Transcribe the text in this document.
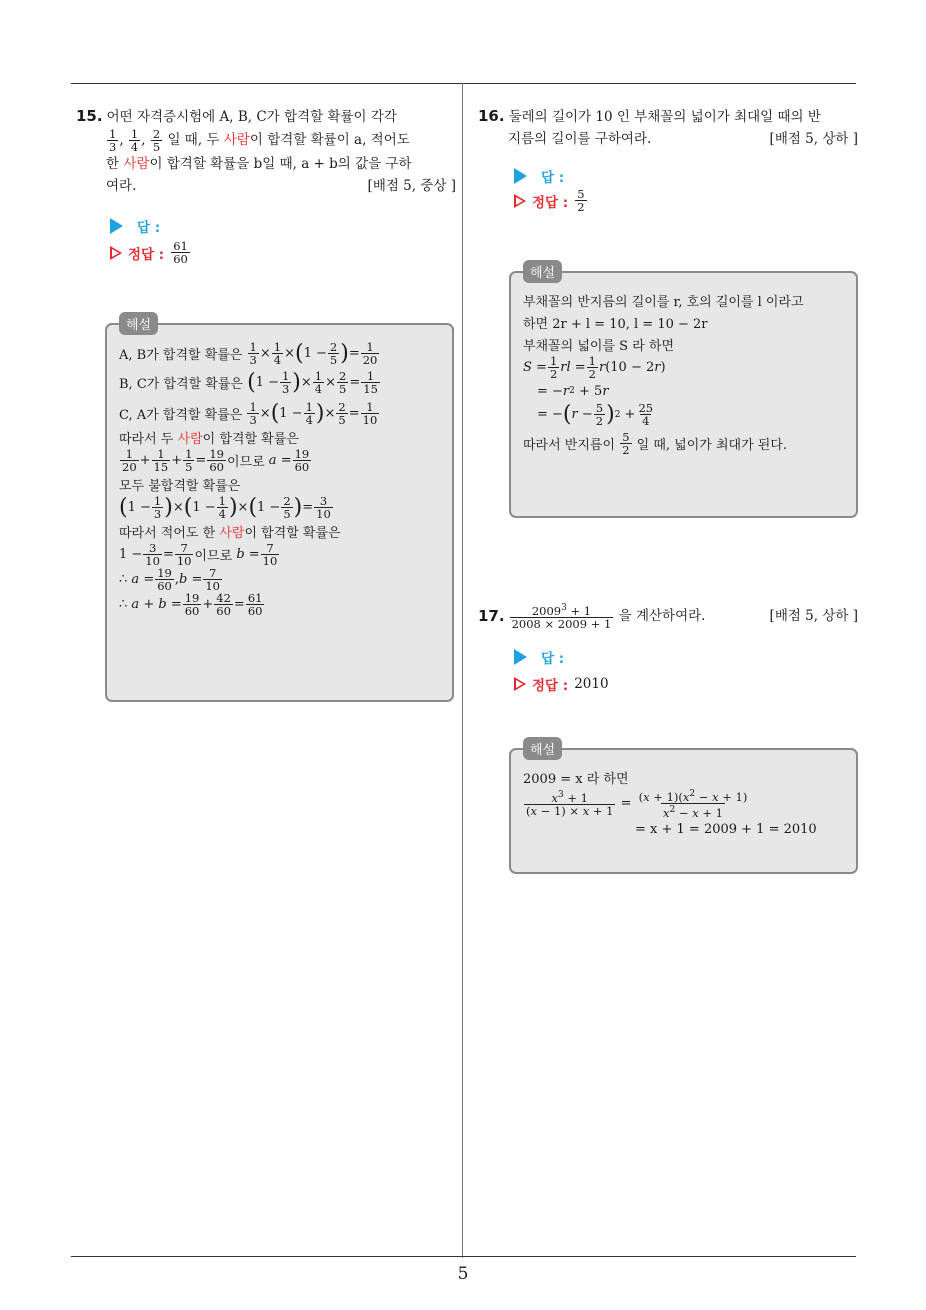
5
15. 어떤 자격증시험에 A, B, C가 합격할 확률이 각각
$\frac{1}{3}$ , $\frac{1}{4}$ , $\frac{2}{5}$ 일 때, 두 사람이 합격할 확률이 a, 적어도
한 사람이 합격할 확률을 b일 때, a + b의 값을 구하
여라.	[배점 5, 중상 ]
답 :
정답 : $\frac{61}{60}$
해설
A, B가 합격할 확률은
$\frac{1}{3} \times \frac{1}{4}$ × ( $1 - \frac{2}{5}$ ) = $\frac{1}{20}$
B, C가 합격할 확률은
( $1 - \frac{1}{3}$ ) × $\frac{1}{4} \times \frac{2}{5} = \frac{1}{15}$
C, A가 합격할 확률은
$\frac{1}{3}$ × ( $1 - \frac{1}{4}$ ) × $\frac{2}{5} = \frac{1}{10}$
따라서 두
사람 이 합격할 확률은
$\frac{1}{20} + \frac{1}{15} + \frac{1}{5} = \frac{19}{60}$ 이므로
$a = \frac{19}{60}$
모두 불합격할 확률은
( $1 - \frac{1}{3}$ ) × ( $1 - \frac{1}{4}$ ) × ( $1 - \frac{2}{5}$ ) = $\frac{3}{10}$
따라서 적어도 한
사람 이 합격할 확률은
$1 - \frac{3}{10} = \frac{7}{10}$ 이므로
$b = \frac{7}{10}$
∴
$a = \frac{19}{60}$ , $b = \frac{7}{10}$
∴
$a + b = \frac{19}{60} + \frac{42}{60} = \frac{61}{60}$
16. 둘레의 길이가 10 인 부채꼴의 넓이가 최대일 때의 반
지름의 길이를 구하여라.	[배점 5, 상하 ]
답 :
정답 : $\frac{5}{2}$
해설
부채꼴의 반지름의 길이를 r, 호의 길이를 l 이라고
하면 2r + l = 10, l = 10 − 2r
부채꼴의 넓이를 S 라 하면
$S = \frac{1}{2}$ rl = $\frac{1}{2}$ r (10 − 2 r )
= − r 2 + 5 r
= − ( $r - \frac{5}{2}$ ) $2 + \frac{25}{4}$
따라서 반지름이
$\frac{5}{2}$
일 때, 넓이가 최대가 된다.
17. $\frac{2009^3 + 1}{2008 \times 2009 + 1}$
을 계산하여라.	[배점 5, 상하 ]
답 :
정답 : 2010
해설
2009 = x 라 하면
$\frac{x^3 + 1}{(x - 1) \times x + 1} = \frac{(x + 1)(x^2 - x + 1)}{x^2 - x + 1}$
= x + 1 = 2009 + 1 = 2010
